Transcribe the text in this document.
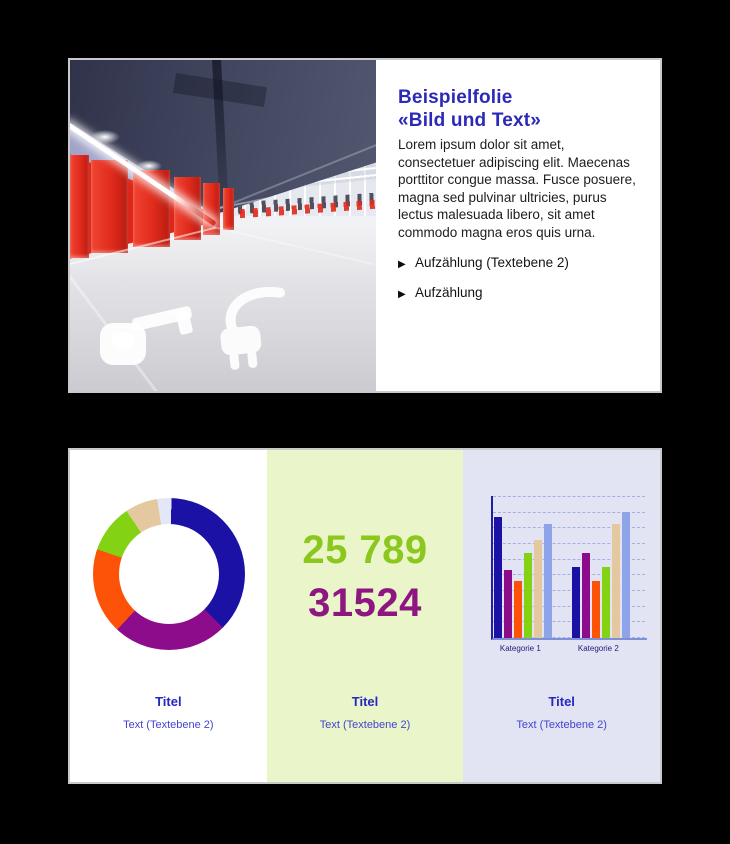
Beispielfolie
«Bild und Text»
Lorem ipsum dolor sit amet, consectetuer adipiscing elit. Maecenas porttitor congue massa. Fusce posuere, magna sed pulvinar ultricies, purus lectus malesuada libero, sit amet commodo magna eros quis urna.
▶ Aufzählung (Textebene 2)
▶ Aufzählung
Titel
Text (Textebene 2)
25 789
31524
Titel
Text (Textebene 2)
Kategorie 1	Kategorie 2
Titel
Text (Textebene 2)
